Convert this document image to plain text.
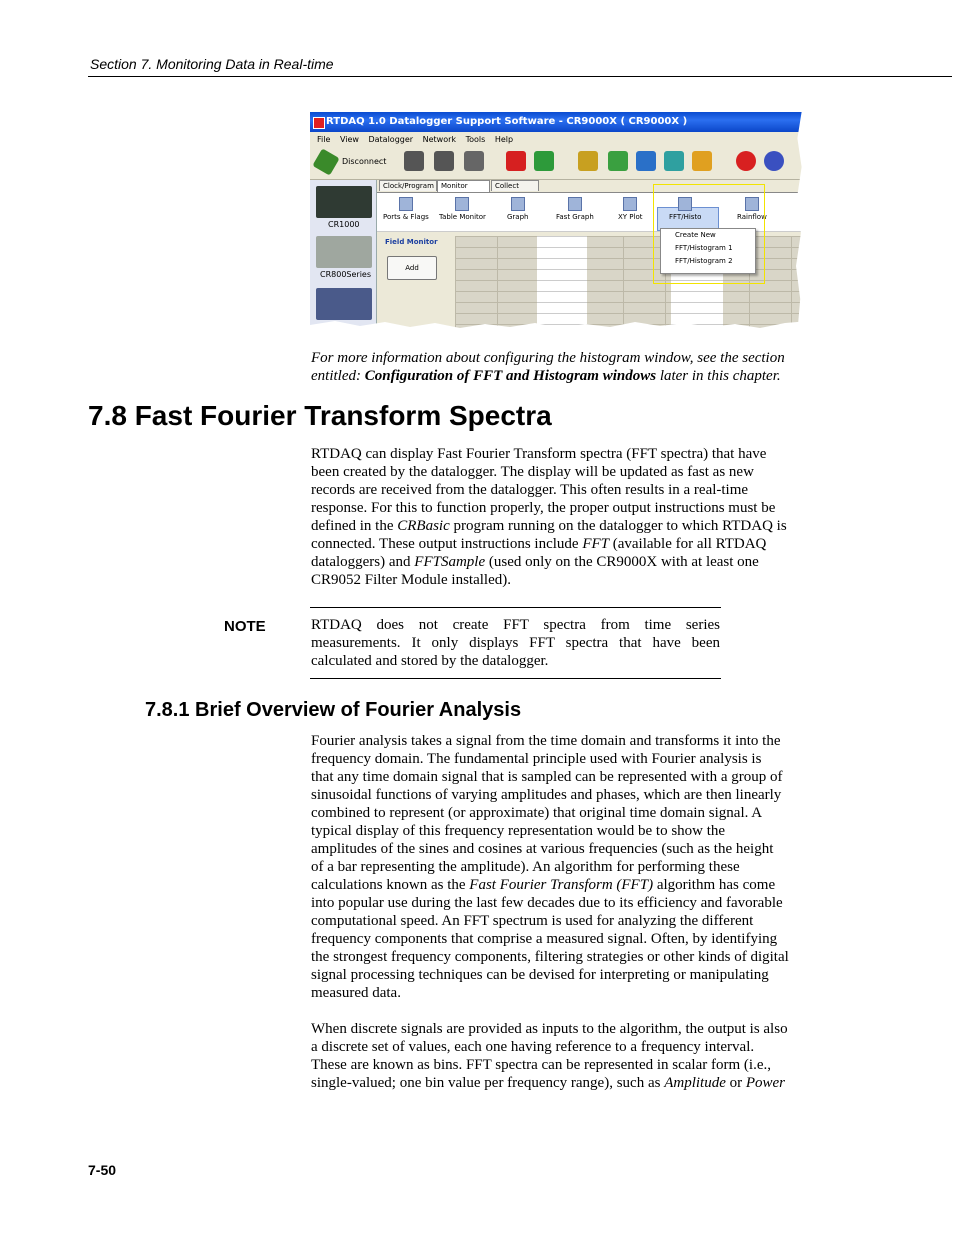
Section 7. Monitoring Data in Real-time
RTDAQ 1.0 Datalogger Support Software - CR9000X ( CR9000X )
File View Datalogger Network Tools Help
Disconnect
CR1000
CR800Series
Clock/Program	Monitor	Collect
Ports & Flags Table Monitor	Graph	Fast Graph	XY Plot	FFT/Histo	Rainflow
Field Monitor
Add
Create New
FFT/Histogram 1
FFT/Histogram 2
For more information about configuring the histogram window, see the section
entitled: Configuration of FFT and Histogram windows later in this chapter.
7.8 Fast Fourier Transform Spectra
RTDAQ can display Fast Fourier Transform spectra (FFT spectra) that have
been created by the datalogger. The display will be updated as fast as new
records are received from the datalogger. This often results in a real-time
response. For this to function properly, the proper output instructions must be
defined in the CRBasic program running on the datalogger to which RTDAQ is
connected. These output instructions include FFT (available for all RTDAQ
dataloggers) and FFTSample (used only on the CR9000X with at least one
CR9052 Filter Module installed).
NOTE	RTDAQ does not create FFT spectra from time series measurements. It only displays FFT spectra that have been calculated and stored by the datalogger.
7.8.1 Brief Overview of Fourier Analysis
Fourier analysis takes a signal from the time domain and transforms it into the
frequency domain. The fundamental principle used with Fourier analysis is
that any time domain signal that is sampled can be represented with a group of
sinusoidal functions of varying amplitudes and phases, which are then linearly
combined to represent (or approximate) that original time domain signal. A
typical display of this frequency representation would be to show the
amplitudes of the sines and cosines at various frequencies (such as the height
of a bar representing the amplitude). An algorithm for performing these
calculations known as the Fast Fourier Transform (FFT) algorithm has come
into popular use during the last few decades due to its efficiency and favorable
computational speed. An FFT spectrum is used for analyzing the different
frequency components that comprise a measured signal. Often, by identifying
the strongest frequency components, filtering strategies or other kinds of digital
signal processing techniques can be devised for interpreting or manipulating
measured data.
When discrete signals are provided as inputs to the algorithm, the output is also
a discrete set of values, each one having reference to a frequency interval.
These are known as bins. FFT spectra can be represented in scalar form (i.e.,
single-valued; one bin value per frequency range), such as Amplitude or Power
7-50
